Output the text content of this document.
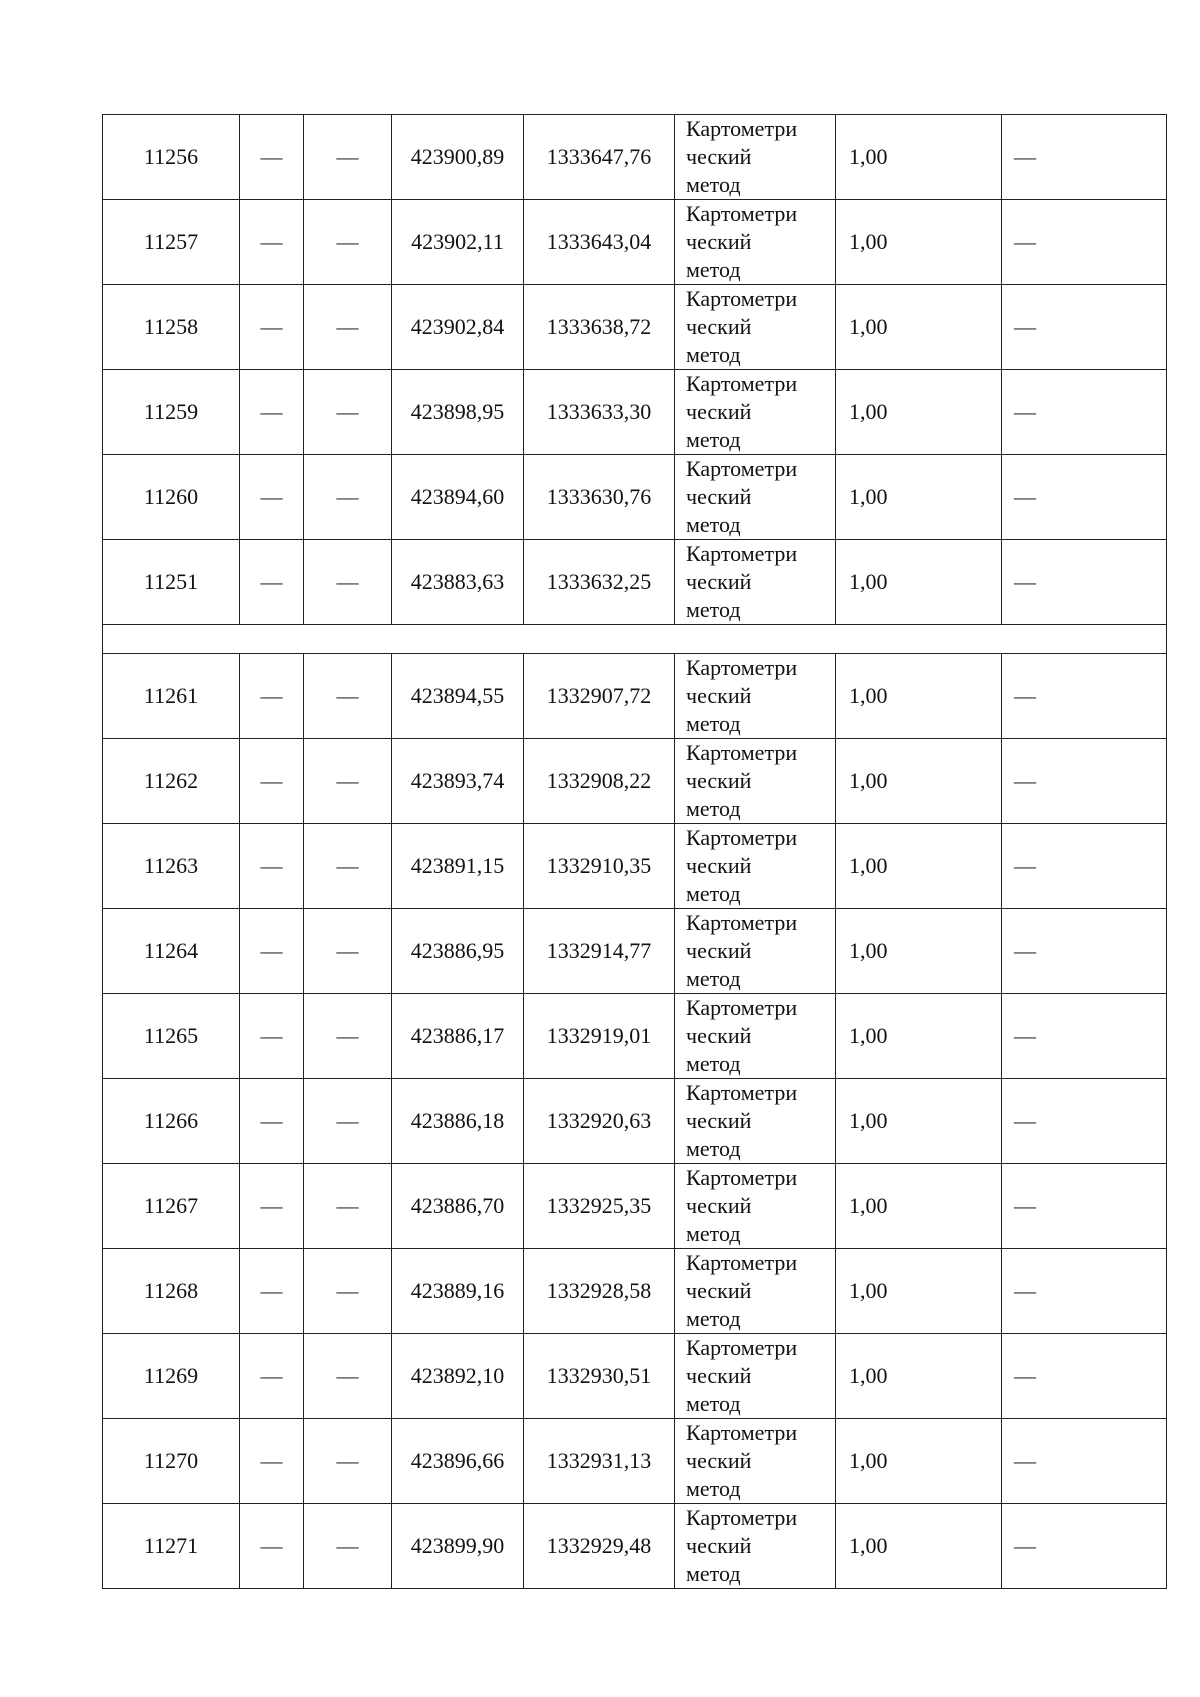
11256	—	—	423900,89	1333647,76	Картометри
ческий
метод	1,00	—
11257	—	—	423902,11	1333643,04	Картометри
ческий
метод	1,00	—
11258	—	—	423902,84	1333638,72	Картометри
ческий
метод	1,00	—
11259	—	—	423898,95	1333633,30	Картометри
ческий
метод	1,00	—
11260	—	—	423894,60	1333630,76	Картометри
ческий
метод	1,00	—
11251	—	—	423883,63	1333632,25	Картометри
ческий
метод	1,00	—

11261	—	—	423894,55	1332907,72	Картометри
ческий
метод	1,00	—
11262	—	—	423893,74	1332908,22	Картометри
ческий
метод	1,00	—
11263	—	—	423891,15	1332910,35	Картометри
ческий
метод	1,00	—
11264	—	—	423886,95	1332914,77	Картометри
ческий
метод	1,00	—
11265	—	—	423886,17	1332919,01	Картометри
ческий
метод	1,00	—
11266	—	—	423886,18	1332920,63	Картометри
ческий
метод	1,00	—
11267	—	—	423886,70	1332925,35	Картометри
ческий
метод	1,00	—
11268	—	—	423889,16	1332928,58	Картометри
ческий
метод	1,00	—
11269	—	—	423892,10	1332930,51	Картометри
ческий
метод	1,00	—
11270	—	—	423896,66	1332931,13	Картометри
ческий
метод	1,00	—
11271	—	—	423899,90	1332929,48	Картометри
ческий
метод	1,00	—
